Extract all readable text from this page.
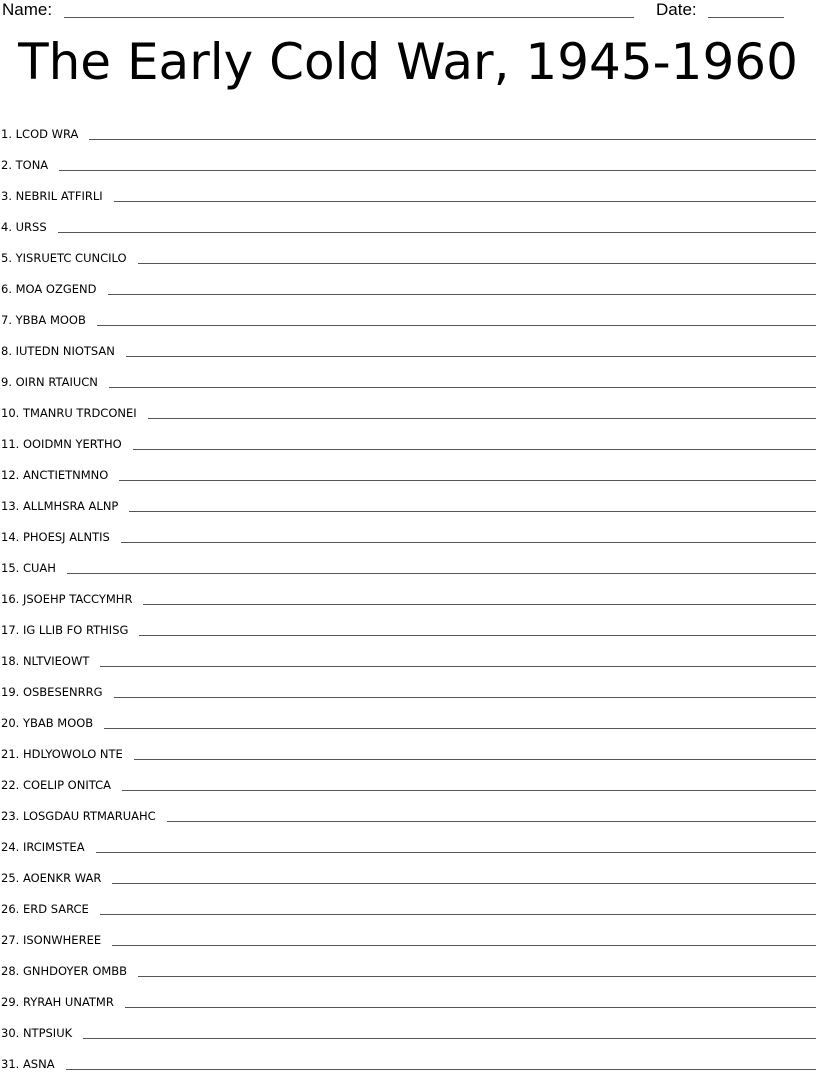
Name:	Date:
The Early Cold War, 1945-1960
1. LCOD WRA
2. TONA
3. NEBRIL ATFIRLI
4. URSS
5. YISRUETC CUNCILO
6. MOA OZGEND
7. YBBA MOOB
8. IUTEDN NIOTSAN
9. OIRN RTAIUCN
10. TMANRU TRDCONEI
11. OOIDMN YERTHO
12. ANCTIETNMNO
13. ALLMHSRA ALNP
14. PHOESJ ALNTIS
15. CUAH
16. JSOEHP TACCYMHR
17. IG LLIB FO RTHISG
18. NLTVIEOWT
19. OSBESENRRG
20. YBAB MOOB
21. HDLYOWOLO NTE
22. COELIP ONITCA
23. LOSGDAU RTMARUAHC
24. IRCIMSTEA
25. AOENKR WAR
26. ERD SARCE
27. ISONWHEREE
28. GNHDOYER OMBB
29. RYRAH UNATMR
30. NTPSIUK
31. ASNA
